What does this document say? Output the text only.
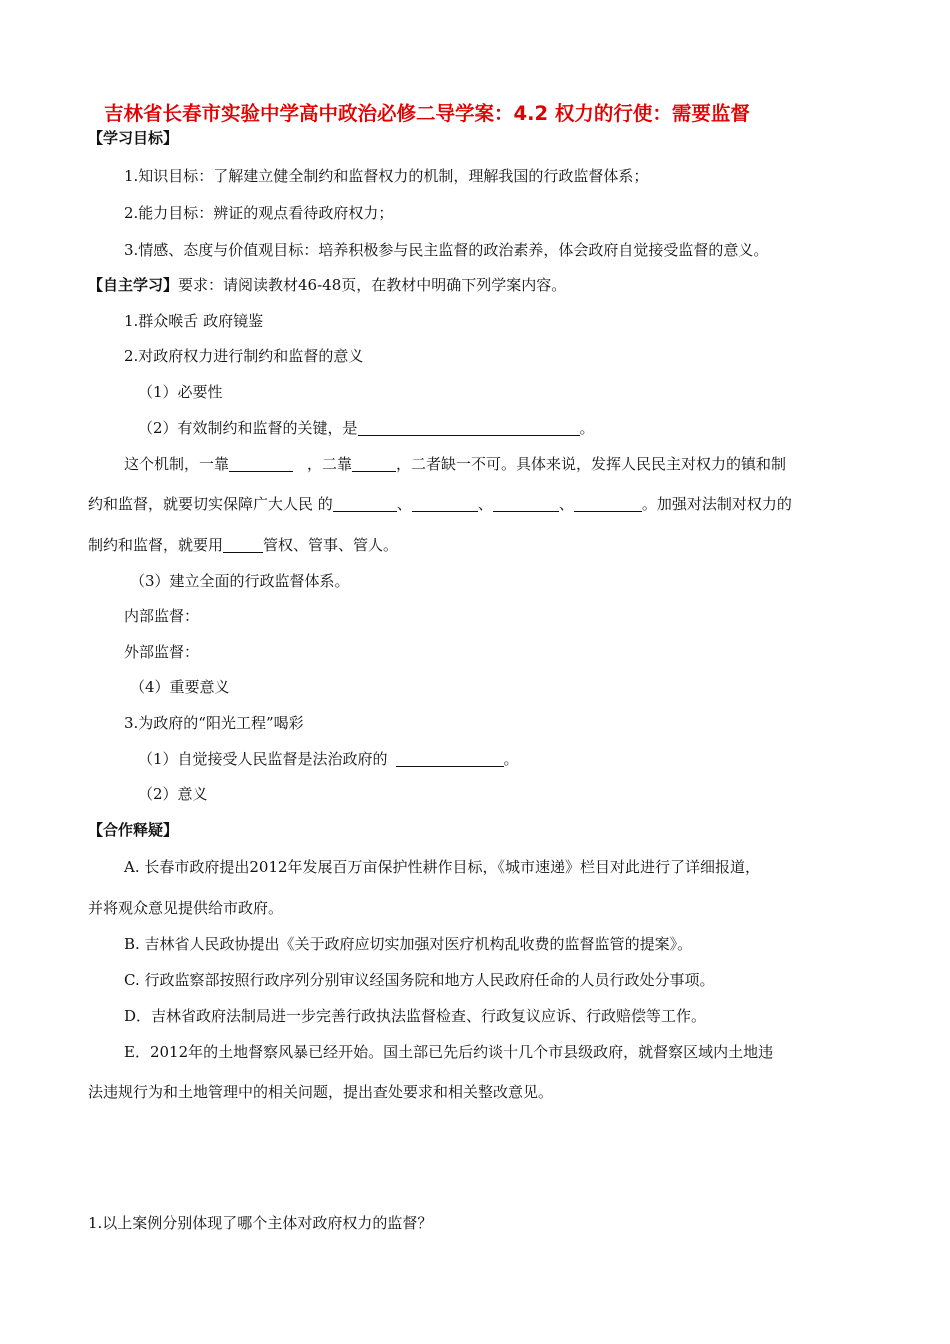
吉林省长春市实验中学高中政治必修二导学案：4.2 权力的行使：需要监督
【学习目标】
1.知识目标：了解建立健全制约和监督权力的机制，理解我国的行政监督体系；
2.能力目标：辨证的观点看待政府权力；
3.情感、态度与价值观目标：培养积极参与民主监督的政治素养，体会政府自觉接受监督的意义。
【自主学习】要求：请阅读教材46-48页，在教材中明确下列学案内容。
1.群众喉舌 政府镜鉴
2.对政府权力进行制约和监督的意义
（1）必要性
（2）有效制约和监督的关键，是	。
这个机制，一靠	，二靠	，二者缺一不可。具体来说，发挥人民民主对权力的镇和制
约和监督，就要切实保障广大人民 的	、	、	、	。加强对法制对权力的
制约和监督，就要用	管权、管事、管人。
（3）建立全面的行政监督体系。
内部监督：
外部监督：
（4）重要意义
3.为政府的“阳光工程”喝彩
（1）自觉接受人民监督是法治政府的	。
（2）意义
【合作释疑】
A. 长春市政府提出2012年发展百万亩保护性耕作目标，《城市速递》栏目对此进行了详细报道，
并将观众意见提供给市政府。
B. 吉林省人民政协提出《关于政府应切实加强对医疗机构乱收费的监督监管的提案》。
C. 行政监察部按照行政序列分别审议经国务院和地方人民政府任命的人员行政处分事项。
D．吉林省政府法制局进一步完善行政执法监督检查、行政复议应诉、行政赔偿等工作。
E．2012年的土地督察风暴已经开始。国土部已先后约谈十几个市县级政府，就督察区域内土地违
法违规行为和土地管理中的相关问题，提出查处要求和相关整改意见。
1.以上案例分别体现了哪个主体对政府权力的监督？
